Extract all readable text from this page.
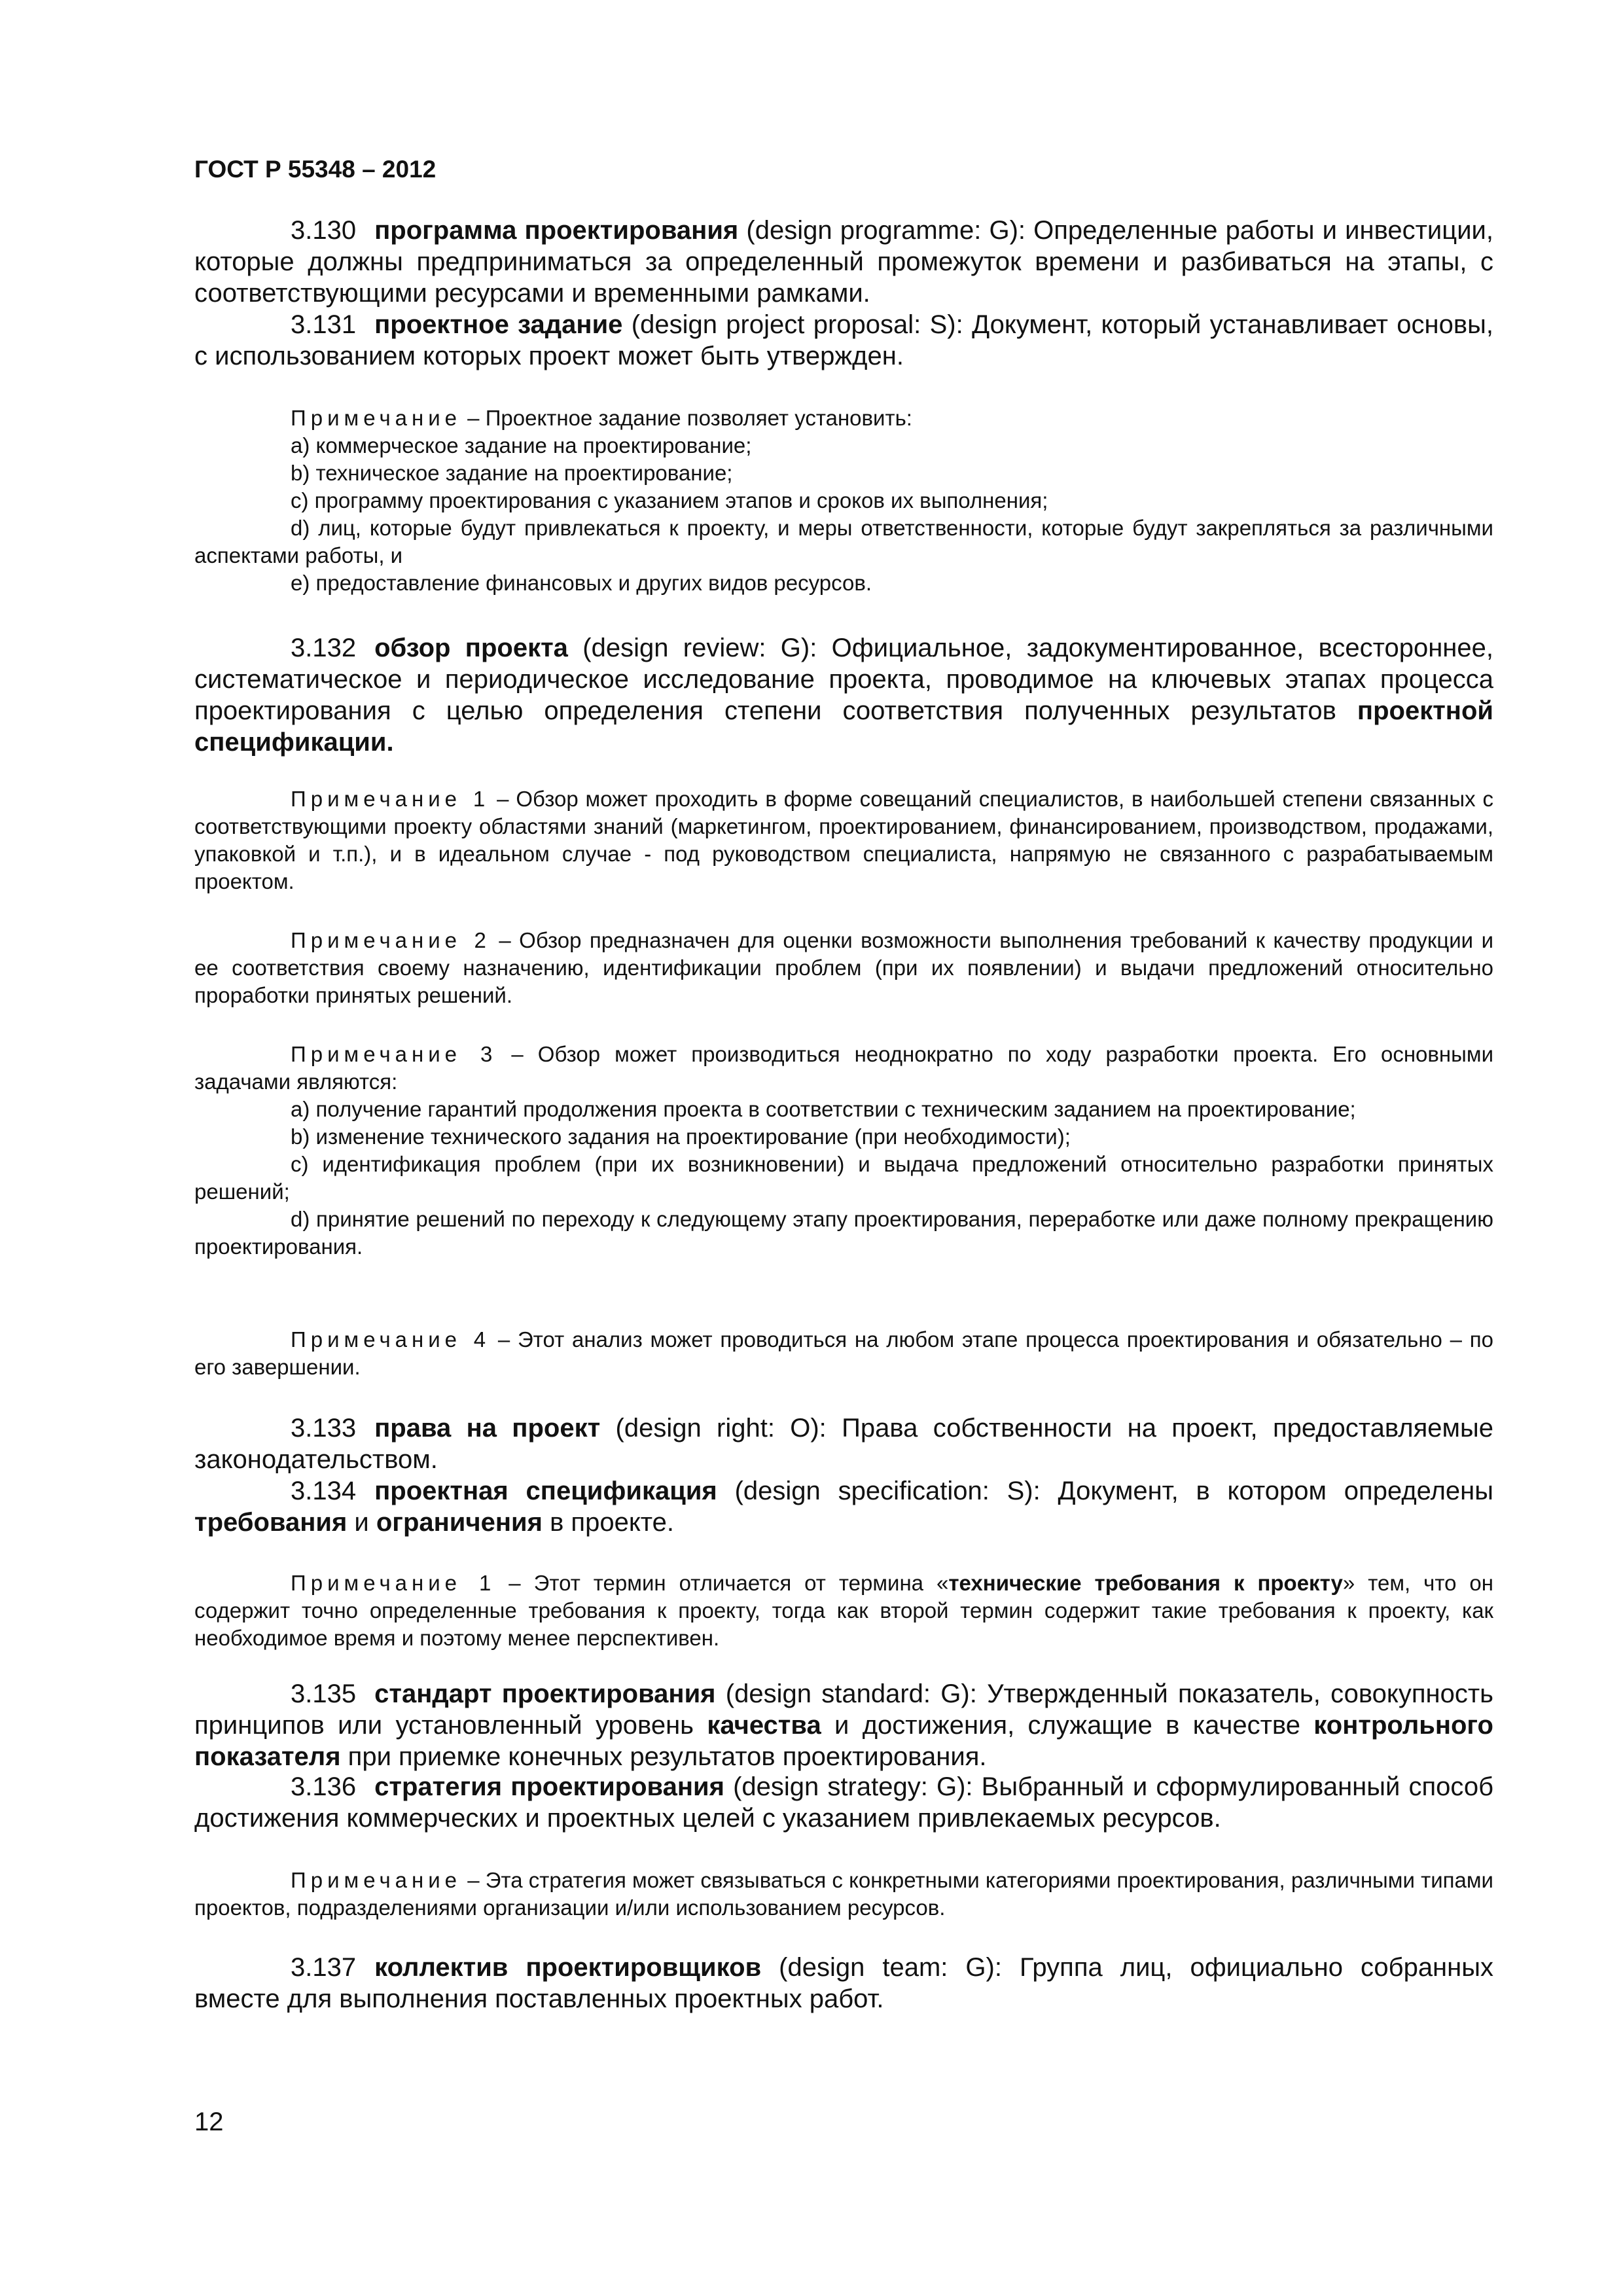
ГОСТ Р 55348 – 2012

3.130 программа проектирования (design programme: G): Определенные работы и инвестиции, которые должны предприниматься за определенный промежуток времени и разбиваться на этапы, с соответствующими ресурсами и временными рамками.

3.131 проектное задание (design project proposal: S): Документ, который устанавливает основы, с использованием которых проект может быть утвержден.

Примечание – Проектное задание позволяет установить:

a) коммерческое задание на проектирование;

b) техническое задание на проектирование;

c) программу проектирования с указанием этапов и сроков их выполнения;

d) лиц, которые будут привлекаться к проекту, и меры ответственности, которые будут закрепляться за различными аспектами работы, и

e) предоставление финансовых и других видов ресурсов.

3.132 обзор проекта (design review: G): Официальное, задокументированное, всестороннее, систематическое и периодическое исследование проекта, проводимое на ключевых этапах процесса проектирования с целью определения степени соответствия полученных результатов проектной спецификации.

Примечание 1 – Обзор может проходить в форме совещаний специалистов, в наибольшей степени связанных с соответствующими проекту областями знаний (маркетингом, проектированием, финансированием, производством, продажами, упаковкой и т.п.), и в идеальном случае - под руководством специалиста, напрямую не связанного с разрабатываемым проектом.

Примечание 2 – Обзор предназначен для оценки возможности выполнения требований к качеству продукции и ее соответствия своему назначению, идентификации проблем (при их появлении) и выдачи предложений относительно проработки принятых решений.

Примечание 3 – Обзор может производиться неоднократно по ходу разработки проекта. Его основными задачами являются:

a) получение гарантий продолжения проекта в соответствии с техническим заданием на проектирование;

b) изменение технического задания на проектирование (при необходимости);

c) идентификация проблем (при их возникновении) и выдача предложений относительно разработки принятых решений;

d) принятие решений по переходу к следующему этапу проектирования, переработке или даже полному прекращению проектирования.

Примечание 4 – Этот анализ может проводиться на любом этапе процесса проектирования и обязательно – по его завершении.

3.133 права на проект (design right: O): Права собственности на проект, предоставляемые законодательством.

3.134 проектная спецификация (design specification: S): Документ, в котором определены требования и ограничения в проекте.

Примечание 1 – Этот термин отличается от термина «технические требования к проекту» тем, что он содержит точно определенные требования к проекту, тогда как второй термин содержит такие требования к проекту, как необходимое время и поэтому менее перспективен.

3.135 стандарт проектирования (design standard: G): Утвержденный показатель, совокупность принципов или установленный уровень качества и достижения, служащие в качестве контрольного показателя при приемке конечных результатов проектирования.

3.136 стратегия проектирования (design strategy: G): Выбранный и сформулированный способ достижения коммерческих и проектных целей с указанием привлекаемых ресурсов.

Примечание – Эта стратегия может связываться с конкретными категориями проектирования, различными типами проектов, подразделениями организации и/или использованием ресурсов.

3.137 коллектив проектировщиков (design team: G): Группа лиц, официально собранных вместе для выполнения поставленных проектных работ.

12
